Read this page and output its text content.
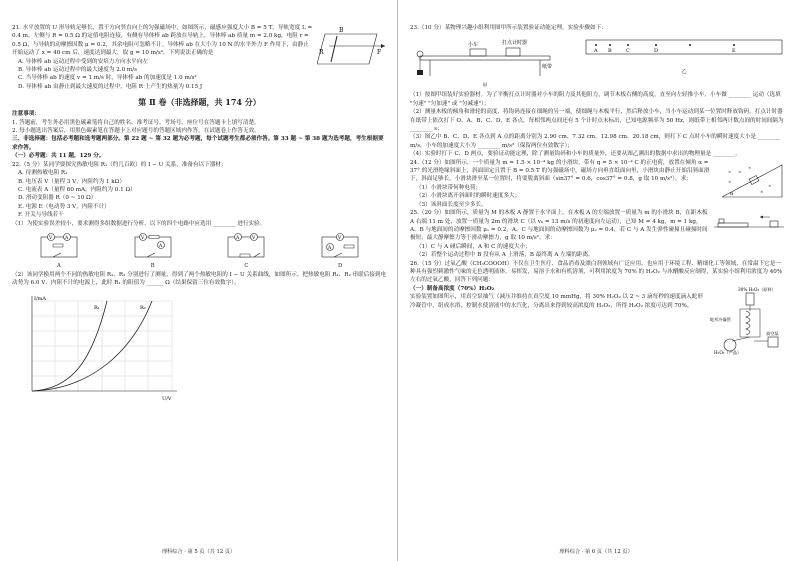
B
F
R

21. 水平放置的 U 形导轨足够长，置于方向竖直向上的匀强磁场中，如图所示，磁感应强度大小 B = 5 T，导轨宽度 L = 0.4 m，左侧与 R = 0.5 Ω 的定值电阻连接，有侧有导体棒 ab 跨放在导轨上，导体棒 ab 质量 m = 2.0 kg，电阻 r = 0.5 Ω，与导轨的动摩擦因数 μ = 0.2，其余电阻可忽略不计。导体棒 ab 在大小为 10 N 的水平外力 F 作用下，由静止开始运动了 x = 40 cm 后，速度达到最大，取 g = 10 m/s²，下列说法正确的是

A. 导体棒 ab 运动过程中受到的安培力方向水平向左

B. 导体棒 ab 运动过程中的最大速度为 2.0 m/s

C. 当导体棒 ab 的速度 v = 1 m/s 时，导体棒 ab 的加速度是 1.0 m/s²

D. 导体棒 ab 由静止到最大速度的过程中，电阻 R 上产生的热量为 0.15 J

第 Ⅱ 卷（非选择题，共 174 分）

注意事项：

1. 答题前，考生务必用黑色碳素笔将自己的姓名、准考证号、考场号、座位号在答题卡上填写清楚。

2. 每小题选出答案后，用黑色碳素笔在答题卡上对应题号的答题区域内作答，在试题卷上作答无效。

三、非选择题：包括必考题和选考题两部分。第 22 题 ~ 第 32 题为必考题，每个试题考生都必须作答。第 33 题 ~ 第 38 题为选考题，考生根据要求作答。

（一）必考题：共 11 题，129 分。

22.（5 分）某同学要探究热敏电阻 R₁（约几百欧）的 I − U 关系，准备有以下器材：

A. 待测热敏电阻 R₁

B. 电压表 V（量程 3 V，内阻约为 1 kΩ）

C. 电流表 A（量程 60 mA，内阻约为 0.1 Ω）

D. 滑动变阻器 R（0 ~ 10 Ω）

E. 电源 E（电动势 3 V，内阻不计）

F. 开关与导线若干

（1）为使实验误差较小，要求测得多组数据进行分析，以下的四个电路中应选用 ________ 进行实验。

V	A
A
V
A
B
A	V
C
V
A
D

（2）该同学换用两个不同的热敏电阻 R₁、R₂ 分别进行了测量，得到了两个热敏电阻的 I − U 关系曲线，如图所示。把热敏电阻 R₁、R₂ 串联后接到电动势为 6.0 V、内阻不计的电源上，此时 R₁ 的阻值为 ______ Ω（结果保留三位有效数字）。

I/mA
U/V
R₁	R₂
理科综合 · 第 5 页（共 12 页）

23.（10 分）某物理兴趣小组利用图甲所示装置验证动能定理，实验步骤如下：

小车	打点计时器
纸带
甲
A B	C	D	E
乙

（1）按图甲组装好实验器材。为了平衡打点计时器对小车的阻力及其他阻力，调节木板右侧的高度，直至向左轻推小车，小车做 ________ 运动（选填 "匀速" "匀加速" 或 "匀减速"）；

（2）测量木板的倾角和滑轮的高度，将钩码连接在细绳的另一端，使细绳与木板平行，然后释放小车，当小车运动到某一位置时释放钩码，打点计时器在纸带上依次打下 O、A、B、C、D、E 各点，每相邻两点间还有 5 个计时点未标出，已知电源频率为 50 Hz，则纸带上相邻两计数点间的时间间隔为 ________ s；

（3）图乙中 B、C、D、E 各点到 A 点的距离分别为 2.90 cm、7.32 cm、12.98 cm、20.18 cm，则打下 C 点时小车的瞬时速度大小是 ________ m/s，小车的加速度大小为 ________ m/s²（保留两位有效数字）；

（4）实验时打下 C、D 两点，要验证动能定理，除了测量钩码和小车的质量外，还要从图乙测出的数据中求出的物理量是 ________。

× ×
×
×
×
×
α

24.（12 分）如图所示，一个质量为 m = 1.5 × 10⁻⁴ kg 的小滑块，带有 q = 5 × 10⁻⁴ C 的正电荷，放置在倾角 α = 37° 的光滑绝缘斜面上，斜面固定且置于 B = 0.5 T 的匀强磁场中，磁场方向垂直纸面向里，小滑块由静止开始沿斜面滑下，斜面足够长，小滑块滑至某一位置时，将要脱离斜面（sin37° = 0.6，cos37° = 0.8，g 取 10 m/s²）。求：

（1）小滑块带何种电荷；

（2）小滑块离开斜面时的瞬时速度多大；

（3）该斜面长度至少多长。

25.（20 分）如图所示，质量为 M 的木板 A 静置于水平面上，在木板 A 的左端放置一质量为 m 的小滑块 B，在距木板 A 右端 11 m 处，放置一质量为 2m 的滑块 C（以 v₀ = 13 m/s 的初速度向左运动），已知 M = 4 kg，m = 1 kg，A、B 与地面间的动摩擦因数 μ₁ = 0.2，A、C 与地面间的动摩擦因数为 μ₂ = 0.4，若 C 与 A 发生弹性碰撞且碰撞时间极短，最大静摩擦力等于滑动摩擦力，g 取 10 m/s²。求：

（1）C 与 A 碰后瞬间，A 和 C 的速度大小；

（2）若整个运动过程中 B 没有从 A 上滑落，B 最终离 A 左端的距离。

26.（15 分）过氧乙酸（CH₃COOOH）不仅在卫生医疗、食品消毒及漂白剂领域有广泛应用，也应用于环境工程、精细化工等领域，在常温下它是一种具有强烈刺激性气味的无色透明液体，易挥发，易溶于水和有机溶剂，可利用浓度为 70% 的 H₂O₂ 与冰醋酸反应制得，某实验小组利用浓度为 40% 左右的过氧乙酸，回答下列问题：

30% H₂O₂（原料）
蛇形冷凝管
真空泵
H₂O₂（产品）

（一）制备高浓度（70%）H₂O₂

实验装置如图所示，用真空泵抽气（减压并维持在真空度 10 mmHg，将 30% H₂O₂ 以 2 ~ 3 滴每秒的速度滴入蛇形冷凝管中，组成水浴，控制水使溶液中的水汽化，分离出来得到较高浓度的 H₂O₂，所得 H₂O₂ 浓度可达到 70%。

理科综合 · 第 6 页（共 12 页）
